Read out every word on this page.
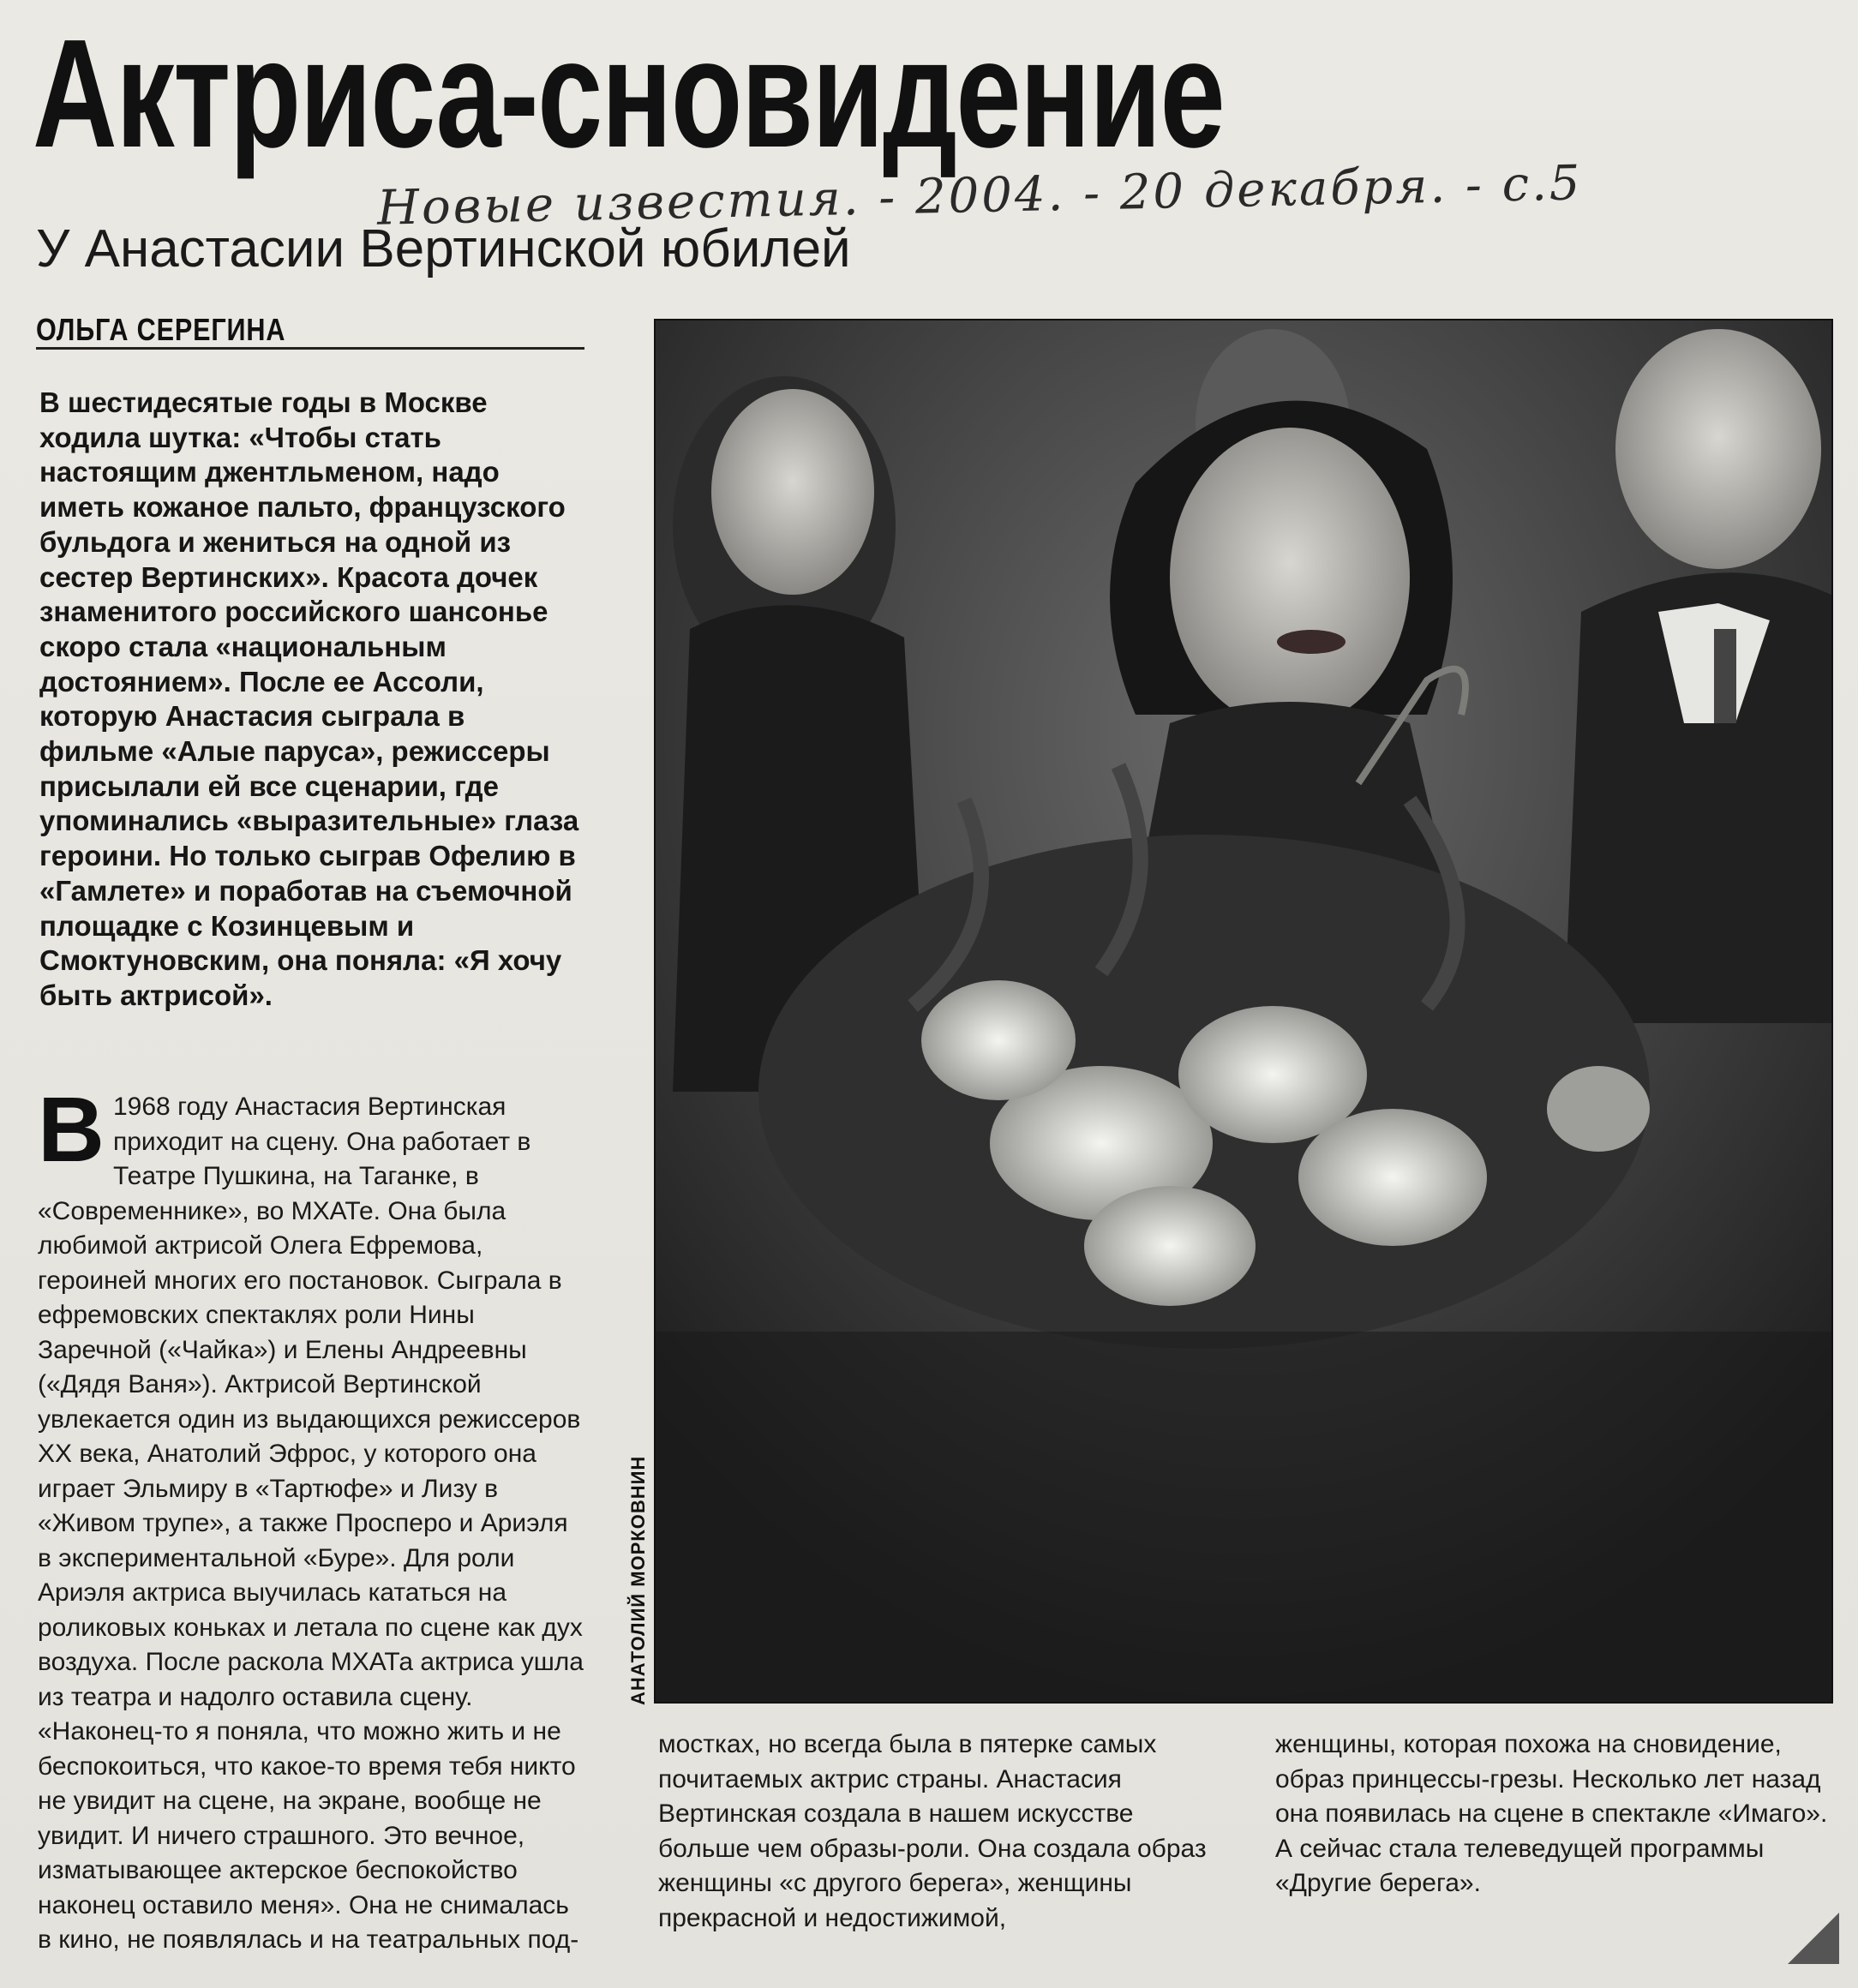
Актриса-сновидение

Новые известия. - 2004. - 20 декабря. - с.5

У Анастасии Вертинской юбилей

ОЛЬГА СЕРЕГИНА

В шестидесятые годы в Москве ходила шутка: «Чтобы стать настоящим джентльменом, надо иметь кожаное пальто, французского бульдога и жениться на одной из сестер Вертинских». Красота дочек знаменитого российского шансонье скоро стала «национальным достоянием». После ее Ассоли, которую Анастасия сыграла в фильме «Алые паруса», режиссеры присылали ей все сценарии, где упоминались «выразительные» глаза героини. Но только сыграв Офелию в «Гамлете» и поработав на съемочной площадке с Козинцевым и Смоктуновским, она поняла: «Я хочу быть актрисой».

В 1968 году Анастасия Вертинская приходит на сцену. Она работает в Театре Пушкина, на Таганке, в «Современнике», во МХАТе. Она была любимой актрисой Олега Ефремова, героиней многих его постановок. Сыграла в ефремовских спектаклях роли Нины Заречной («Чайка») и Елены Андреевны («Дядя Ваня»). Актрисой Вертинской увлекается один из выдающихся режиссеров XX века, Анатолий Эфрос, у которого она играет Эльмиру в «Тартюфе» и Лизу в «Живом трупе», а также Просперо и Ариэля в экспериментальной «Буре». Для роли Ариэля актриса выучилась кататься на роликовых коньках и летала по сцене как дух воздуха. После раскола МХАТа актриса ушла из театра и надолго оставила сцену. «Наконец-то я поняла, что можно жить и не беспокоиться, что какое-то время тебя никто не увидит на сцене, на экране, вообще не увидит. И ничего страшного. Это вечное, изматывающее актерское беспокойство наконец оставило меня». Она не снималась в кино, не появлялась и на театральных под-

АНАТОЛИЙ МОРКОВНИН

мостках, но всегда была в пятерке самых почитаемых актрис страны. Анастасия Вертинская создала в нашем искусстве больше чем образы-роли. Она создала образ женщины «с другого берега», женщины прекрасной и недостижимой,

женщины, которая похожа на сновидение, образ принцессы-грезы. Несколько лет назад она появилась на сцене в спектакле «Имаго». А сейчас стала телеведущей программы «Другие берега».
